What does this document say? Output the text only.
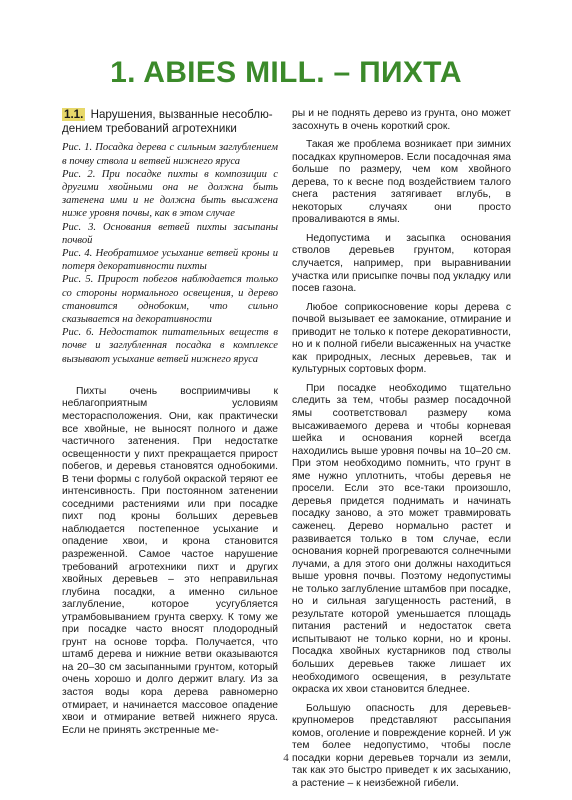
1. ABIES MILL. – ПИХТА
1.1. Нарушения, вызванные несоблю-дением требований агротехники

Рис. 1. Посадка дерева с сильным заглублением в почву ствола и ветвей нижнего яруса

Рис. 2. При посадке пихты в композиции с другими хвойными она не должна быть затенена ими и не должна быть высажена ниже уровня почвы, как в этом случае

Рис. 3. Основания ветвей пихты засыпаны почвой

Рис. 4. Необратимое усыхание ветвей кроны и потеря декоративности пихты

Рис. 5. Прирост побегов наблюдается только со стороны нормального освещения, и дерево становится однобоким, что сильно сказывается на декоративности

Рис. 6. Недостаток питательных веществ в почве и заглубленная посадка в комплексе вызывают усыхание ветвей нижнего яруса

Пихты очень восприимчивы к неблагоприятным условиям месторасположения. Они, как практически все хвойные, не выносят полного и даже частичного затенения. При недостатке освещенности у пихт прекращается прирост побегов, и деревья становятся однобокими. В тени формы с голубой окраской теряют ее интенсивность. При постоянном затенении соседними растениями или при посадке пихт под кроны больших деревьев наблюдается постепенное усыхание и опадение хвои, и крона становится разреженной. Самое частое нарушение требований агротехники пихт и других хвойных деревьев – это неправильная глубина посадки, а именно сильное заглубление, которое усугубляется утрамбовыванием грунта сверху. К тому же при посадке часто вносят плодородный грунт на основе торфа. Получается, что штамб дерева и нижние ветви оказываются на 20–30 см засыпанными грунтом, который очень хорошо и долго держит влагу. Из за застоя воды кора дерева равномерно отмирает, и начинается массовое опадение хвои и отмирание ветвей нижнего яруса. Если не принять экстренные ме-

ры и не поднять дерево из грунта, оно может засохнуть в очень короткий срок.

Такая же проблема возникает при зимних посадках крупномеров. Если посадочная яма больше по размеру, чем ком хвойного дерева, то к весне под воздействием талого снега растения затягивает вглубь, в некоторых случаях они просто проваливаются в ямы.

Недопустима и засыпка основания стволов деревьев грунтом, которая случается, например, при выравнивании участка или присыпке почвы под укладку или посев газона.

Любое соприкосновение коры дерева с почвой вызывает ее замокание, отмирание и приводит не только к потере декоративности, но и к полной гибели высаженных на участке как природных, лесных деревьев, так и культурных сортовых форм.

При посадке необходимо тщательно следить за тем, чтобы размер посадочной ямы соответствовал размеру кома высаживаемого дерева и чтобы корневая шейка и основания корней всегда находились выше уровня почвы на 10–20 см. При этом необходимо помнить, что грунт в яме нужно уплотнить, чтобы деревья не просели. Если это все-таки произошло, деревья придется поднимать и начинать посадку заново, а это может травмировать саженец. Дерево нормально растет и развивается только в том случае, если основания корней прогреваются солнечными лучами, а для этого они должны находиться выше уровня почвы. Поэтому недопустимы не только заглубление штамбов при посадке, но и сильная загущенность растений, в результате которой уменьшается площадь питания растений и недостаток света испытывают не только корни, но и кроны. Посадка хвойных кустарников под стволы больших деревьев также лишает их необходимого освещения, в результате окраска их хвои становится бледнее.

Большую опасность для деревьев-крупномеров представляют рассыпания комов, оголение и повреждение корней. И уж тем более недопустимо, чтобы после посадки корни деревьев торчали из земли, так как это быстро приведет к их засыханию, а растение – к неизбежной гибели.

4
